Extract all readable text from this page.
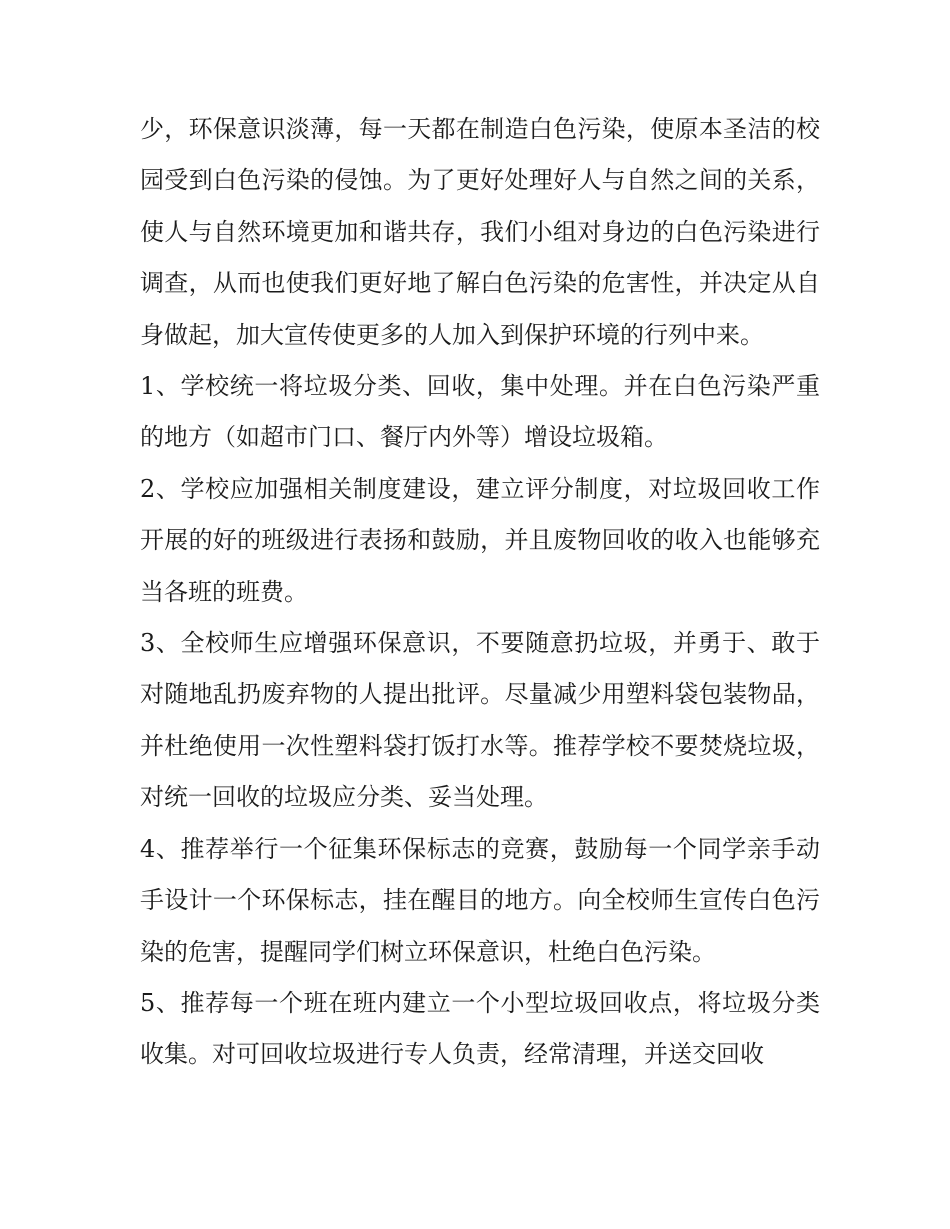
少，环保意识淡薄，每一天都在制造白色污染，使原本圣洁的校园受到白色污染的侵蚀。为了更好处理好人与自然之间的关系，使人与自然环境更加和谐共存，我们小组对身边的白色污染进行调查，从而也使我们更好地了解白色污染的危害性，并决定从自身做起，加大宣传使更多的人加入到保护环境的行列中来。

1、学校统一将垃圾分类、回收，集中处理。并在白色污染严重的地方（如超市门口、餐厅内外等）增设垃圾箱。

2、学校应加强相关制度建设，建立评分制度，对垃圾回收工作开展的好的班级进行表扬和鼓励，并且废物回收的收入也能够充当各班的班费。

3、全校师生应增强环保意识，不要随意扔垃圾，并勇于、敢于对随地乱扔废弃物的人提出批评。尽量减少用塑料袋包装物品，并杜绝使用一次性塑料袋打饭打水等。推荐学校不要焚烧垃圾，对统一回收的垃圾应分类、妥当处理。

4、推荐举行一个征集环保标志的竞赛，鼓励每一个同学亲手动手设计一个环保标志，挂在醒目的地方。向全校师生宣传白色污染的危害，提醒同学们树立环保意识，杜绝白色污染。

5、推荐每一个班在班内建立一个小型垃圾回收点，将垃圾分类收集。对可回收垃圾进行专人负责，经常清理，并送交回收
